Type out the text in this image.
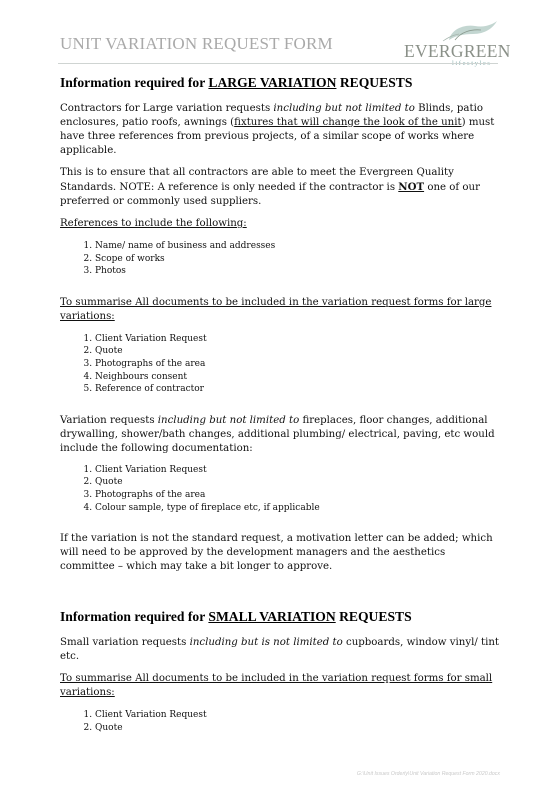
UNIT VARIATION REQUEST FORM	EVERGREEN
Information required for LARGE VARIATION REQUESTS

Contractors for Large variation requests including but not limited to Blinds, patio enclosures, patio roofs, awnings (fixtures that will change the look of the unit) must have three references from previous projects, of a similar scope of works where applicable.

This is to ensure that all contractors are able to meet the Evergreen Quality Standards. NOTE: A reference is only needed if the contractor is NOT one of our preferred or commonly used suppliers.

References to include the following:

1. Name/ name of business and addresses
2. Scope of works
3. Photos

To summarise All documents to be included in the variation request forms for large variations:

1. Client Variation Request
2. Quote
3. Photographs of the area
4. Neighbours consent
5. Reference of contractor

Variation requests including but not limited to fireplaces, floor changes, additional drywalling, shower/bath changes, additional plumbing/ electrical, paving, etc would include the following documentation:

1. Client Variation Request
2. Quote
3. Photographs of the area
4. Colour sample, type of fireplace etc, if applicable

If the variation is not the standard request, a motivation letter can be added; which will need to be approved by the development managers and the aesthetics committee – which may take a bit longer to approve.

Information required for SMALL VARIATION REQUESTS

Small variation requests including but is not limited to cupboards, window vinyl/ tint etc.

To summarise All documents to be included in the variation request forms for small variations:

1. Client Variation Request
2. Quote
G:\Unit Issues Orderly\Unit Variation Request Form 2020.docx
